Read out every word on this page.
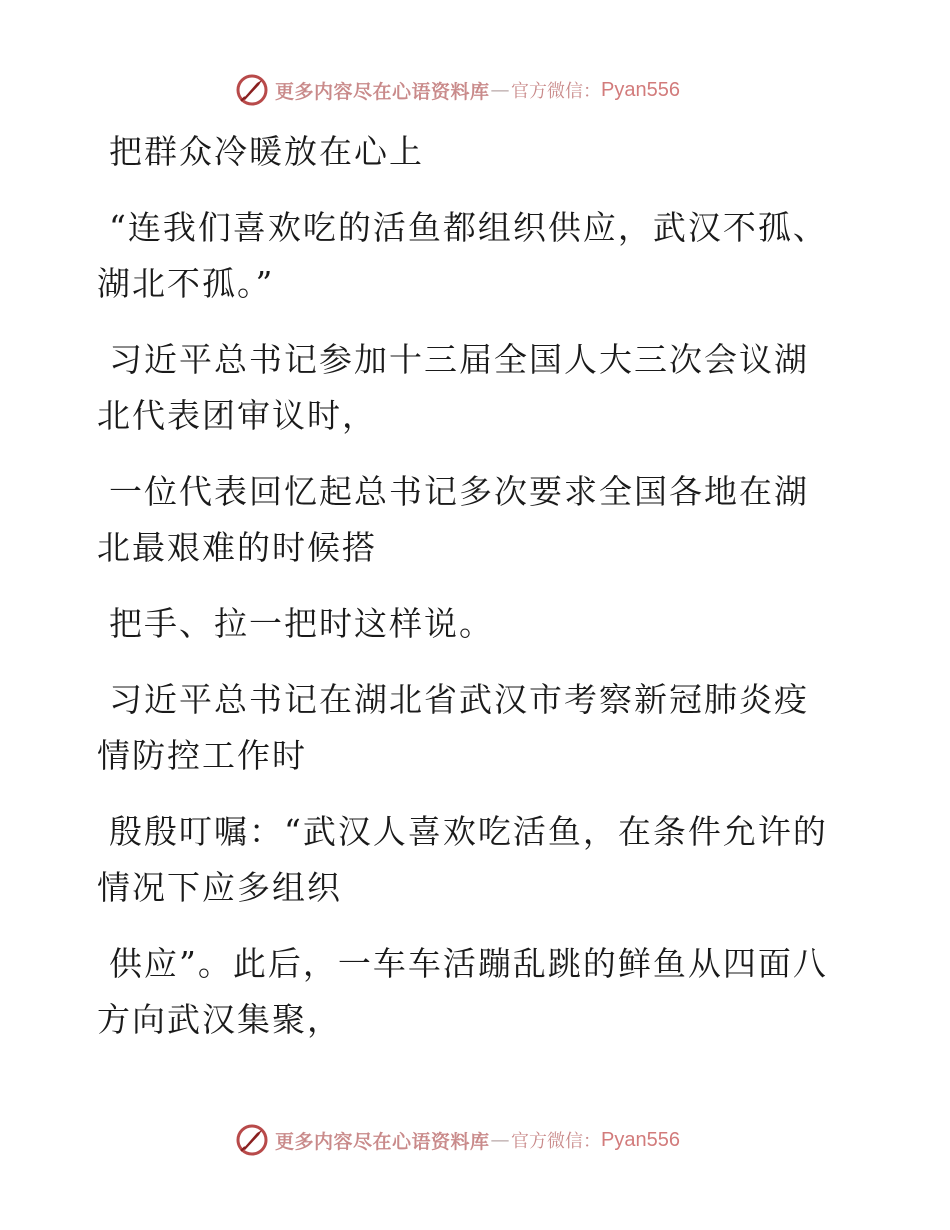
更多内容尽在心语资料库 — 官方微信： Pyan556

把群众冷暖放在心上

“连我们喜欢吃的活鱼都组织供应，武汉不孤、湖北不孤。”

习近平总书记参加十三届全国人大三次会议湖北代表团审议时，

一位代表回忆起总书记多次要求全国各地在湖北最艰难的时候搭

把手、拉一把时这样说。

习近平总书记在湖北省武汉市考察新冠肺炎疫情防控工作时

殷殷叮嘱：“武汉人喜欢吃活鱼，在条件允许的情况下应多组织

供应”。此后，一车车活蹦乱跳的鲜鱼从四面八方向武汉集聚，

更多内容尽在心语资料库 — 官方微信： Pyan556
